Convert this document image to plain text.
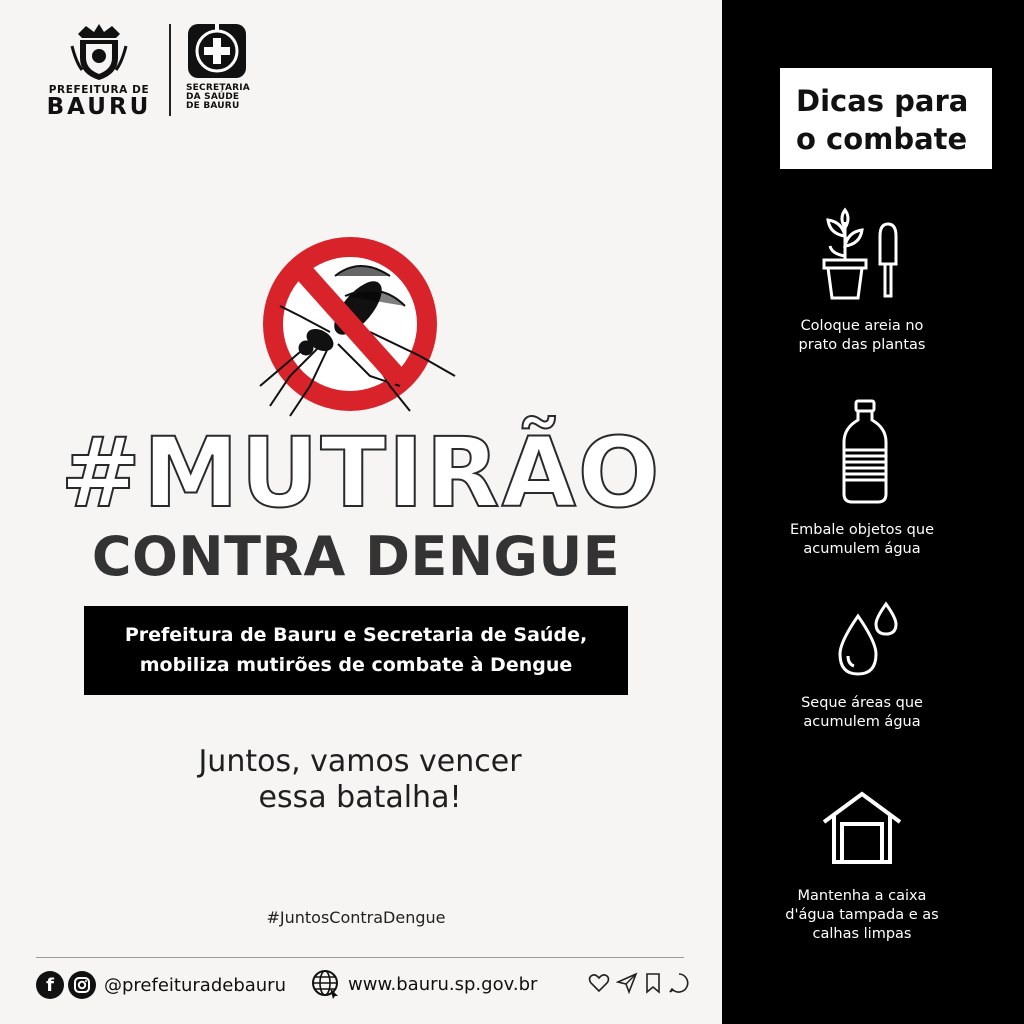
PREFEITURA DE
BAURU
SECRETARIA
DA SAÚDE
DE BAURU
#MUTIRÃO
CONTRA DENGUE
Prefeitura de Bauru e Secretaria de Saúde,
mobiliza mutirões de combate à Dengue
Juntos, vamos vencer
essa batalha!
#JuntosContraDengue
f	@prefeituradebauru	www.bauru.sp.gov.br
Dicas para
o combate
Coloque areia no
prato das plantas
Embale objetos que
acumulem água
Seque áreas que
acumulem água
Mantenha a caixa
d'água tampada e as
calhas limpas
